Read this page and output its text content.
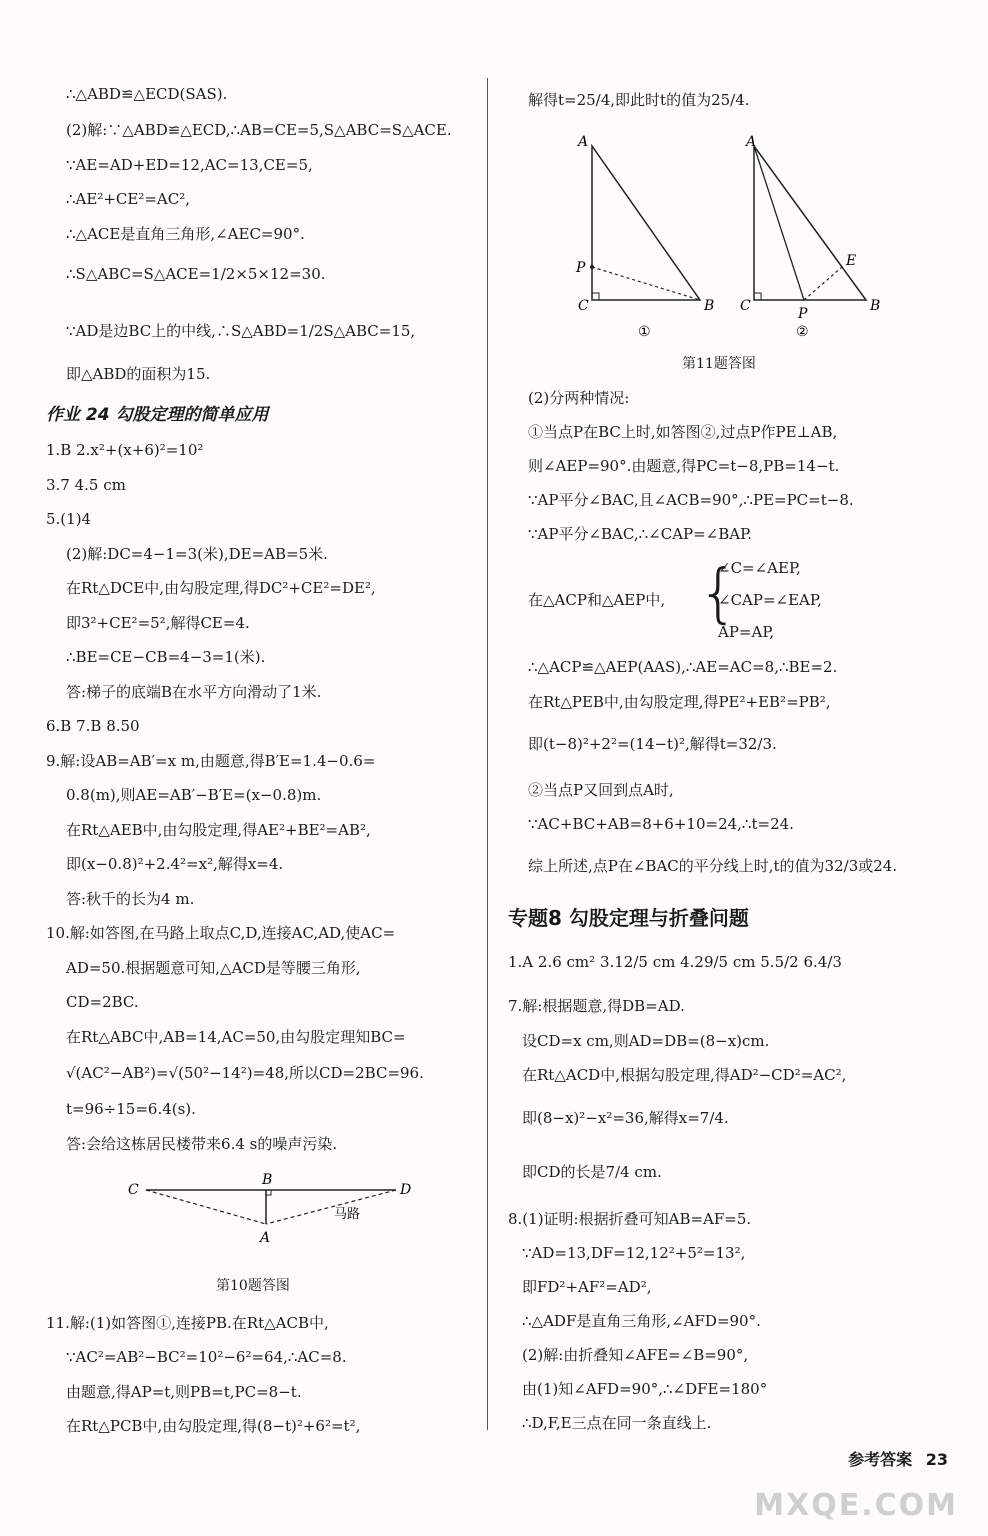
∴△ABD≌△ECD(SAS).
(2)解:∵△ABD≌△ECD,∴AB=CE=5,S△ABC=S△ACE.
∵AE=AD+ED=12,AC=13,CE=5,
∴AE²+CE²=AC²,
∴△ACE是直角三角形,∠AEC=90°.
∴S△ABC=S△ACE=1/2×5×12=30.
∵AD是边BC上的中线,∴S△ABD=1/2S△ABC=15,
即△ABD的面积为15.
作业 24 勾股定理的简单应用
1.B 2.x²+(x+6)²=10²
3.7 4.5 cm
5.(1)4
(2)解:DC=4−1=3(米),DE=AB=5米.
在Rt△DCE中,由勾股定理,得DC²+CE²=DE²,
即3²+CE²=5²,解得CE=4.
∴BE=CE−CB=4−3=1(米).
答:梯子的底端B在水平方向滑动了1米.
6.B 7.B 8.50
9.解:设AB=AB′=x m,由题意,得B′E=1.4−0.6=
0.8(m),则AE=AB′−B′E=(x−0.8)m.
在Rt△AEB中,由勾股定理,得AE²+BE²=AB²,
即(x−0.8)²+2.4²=x²,解得x=4.
答:秋千的长为4 m.
10.解:如答图,在马路上取点C,D,连接AC,AD,使AC=
AD=50.根据题意可知,△ACD是等腰三角形,
CD=2BC.
在Rt△ABC中,AB=14,AC=50,由勾股定理知BC=
√(AC²−AB²)=√(50²−14²)=48,所以CD=2BC=96.
t=96÷15=6.4(s).
答:会给这栋居民楼带来6.4 s的噪声污染.
C
B
D
A
马路
第10题答图
11.解:(1)如答图①,连接PB.在Rt△ACB中,
∵AC²=AB²−BC²=10²−6²=64,∴AC=8.
由题意,得AP=t,则PB=t,PC=8−t.
在Rt△PCB中,由勾股定理,得(8−t)²+6²=t²,
解得t=25/4,即此时t的值为25/4.
A
P
C	B
①
A
E
C	P	B
②
第11题答图
(2)分两种情况:
①当点P在BC上时,如答图②,过点P作PE⊥AB,
则∠AEP=90°.由题意,得PC=t−8,PB=14−t.
∵AP平分∠BAC,且∠ACB=90°,∴PE=PC=t−8.
∵AP平分∠BAC,∴∠CAP=∠BAP.
∠C=∠AEP,
在△ACP和△AEP中, {
∠CAP=∠EAP,
AP=AP,
∴△ACP≌△AEP(AAS),∴AE=AC=8,∴BE=2.
在Rt△PEB中,由勾股定理,得PE²+EB²=PB²,
即(t−8)²+2²=(14−t)²,解得t=32/3.
②当点P又回到点A时,
∵AC+BC+AB=8+6+10=24,∴t=24.
综上所述,点P在∠BAC的平分线上时,t的值为32/3或24.
专题8 勾股定理与折叠问题
1.A 2.6 cm² 3.12/5 cm 4.29/5 cm 5.5/2 6.4/3
7.解:根据题意,得DB=AD.
设CD=x cm,则AD=DB=(8−x)cm.
在Rt△ACD中,根据勾股定理,得AD²−CD²=AC²,
即(8−x)²−x²=36,解得x=7/4.
即CD的长是7/4 cm.
8.(1)证明:根据折叠可知AB=AF=5.
∵AD=13,DF=12,12²+5²=13²,
即FD²+AF²=AD²,
∴△ADF是直角三角形,∠AFD=90°.
(2)解:由折叠知∠AFE=∠B=90°,
由(1)知∠AFD=90°,∴∠DFE=180°
∴D,F,E三点在同一条直线上.
参考答案 23
MXQE.COM
